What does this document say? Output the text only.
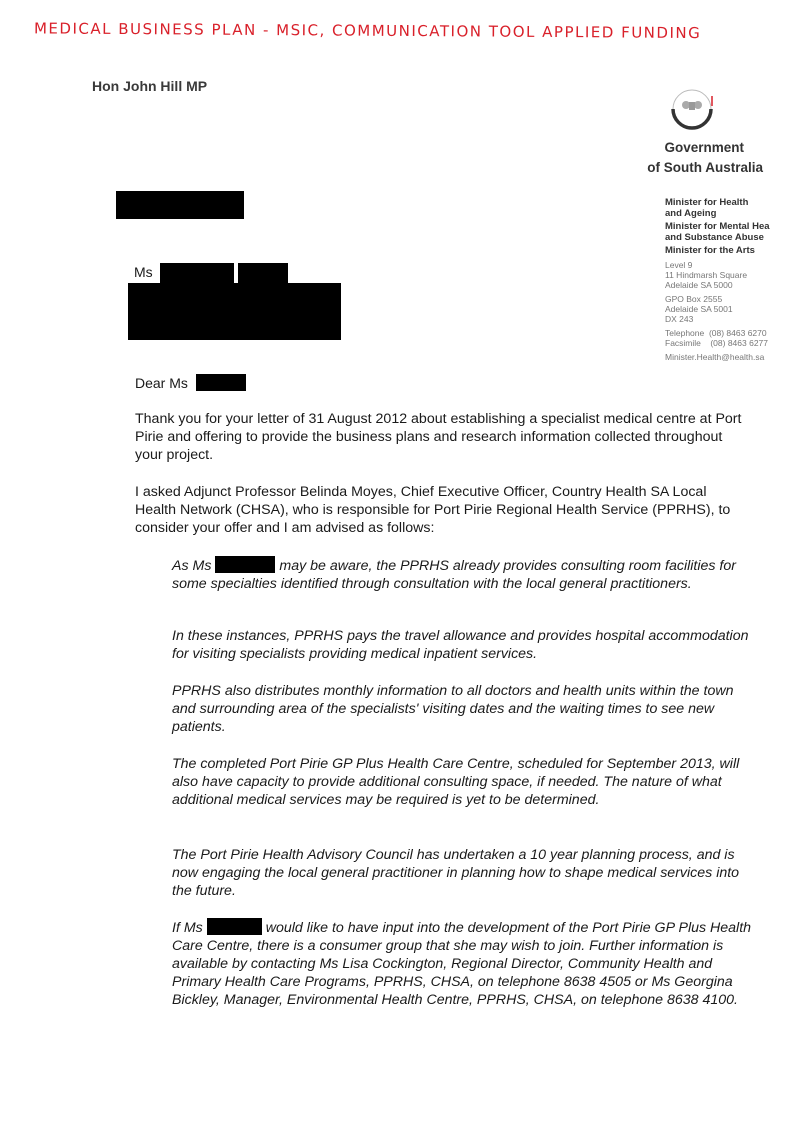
MEDICAL BUSINESS PLAN - MSIC, COMMUNICATION TOOL APPLIED FUNDING
Hon John Hill MP
Government
of South Australia
Minister for Health
and Ageing
Minister for Mental Hea
and Substance Abuse
Minister for the Arts
Level 9
11 Hindmarsh Square
Adelaide SA 5000
GPO Box 2555
Adelaide SA 5001
DX 243
Telephone  (08) 8463 6270
Facsimile    (08) 8463 6277
Minister.Health@health.sa
Ms
Dear Ms
Thank you for your letter of 31 August 2012 about establishing a specialist medical centre at Port Pirie and offering to provide the business plans and research information collected throughout your project.
I asked Adjunct Professor Belinda Moyes, Chief Executive Officer, Country Health SA Local Health Network (CHSA), who is responsible for Port Pirie Regional Health Service (PPRHS), to consider your offer and I am advised as follows:
As Ms	may be aware, the PPRHS already provides consulting room facilities for some specialties identified through consultation with the local general practitioners.
In these instances, PPRHS pays the travel allowance and provides hospital accommodation for visiting specialists providing medical inpatient services.
PPRHS also distributes monthly information to all doctors and health units within the town and surrounding area of the specialists' visiting dates and the waiting times to see new patients.
The completed Port Pirie GP Plus Health Care Centre, scheduled for September 2013, will also have capacity to provide additional consulting space, if needed. The nature of what additional medical services may be required is yet to be determined.
The Port Pirie Health Advisory Council has undertaken a 10 year planning process, and is now engaging the local general practitioner in planning how to shape medical services into the future.
If Ms	would like to have input into the development of the Port Pirie GP Plus Health Care Centre, there is a consumer group that she may wish to join. Further information is available by contacting Ms Lisa Cockington, Regional Director, Community Health and Primary Health Care Programs, PPRHS, CHSA, on telephone 8638 4505 or Ms Georgina Bickley, Manager, Environmental Health Centre, PPRHS, CHSA, on telephone 8638 4100.
